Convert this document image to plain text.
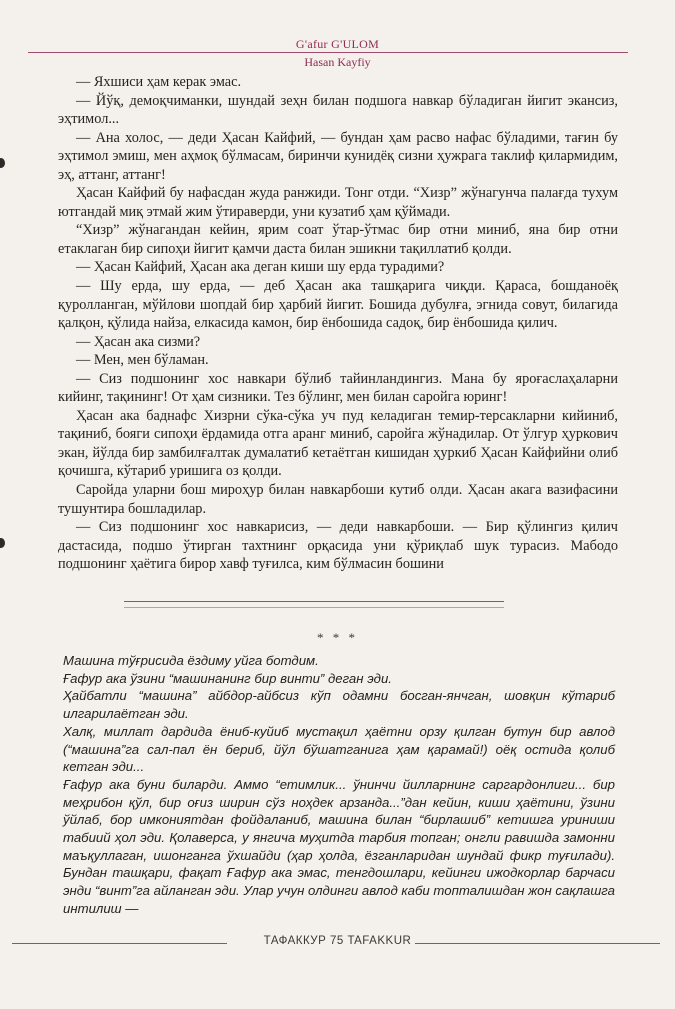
G'afur G'ULOM
Hasan Kayfiy

— Яхшиси ҳам керак эмас.

— Йўқ, демоқчиманки, шундай зеҳн билан подшога навкар бўладиган йигит экансиз, эҳтимол...

— Ана холос, — деди Ҳасан Кайфий, — бундан ҳам расво нафас бўладими, тағин бу эҳтимол эмиш, мен аҳмоқ бўлмасам, биринчи кунидёқ сизни ҳужрага таклиф қилармидим, эҳ, аттанг, аттанг!

Ҳасан Кайфий бу нафасдан жуда ранжиди. Тонг отди. “Хизр” жўнагунча палағда тухум ютгандай миқ этмай жим ўтираверди, уни кузатиб ҳам қўймади.

“Хизр” жўнагандан кейин, ярим соат ўтар-ўтмас бир отни миниб, яна бир отни етаклаган бир сипоҳи йигит қамчи даста билан эшикни тақиллатиб қолди.

— Ҳасан Кайфий, Ҳасан ака деган киши шу ерда турадими?

— Шу ерда, шу ерда, — деб Ҳасан ака ташқарига чиқди. Қараса, бошданоёқ қуролланган, мўйлови шопдай бир ҳарбий йигит. Бошида дубулға, эгнида совут, билагида қалқон, қўлида найза, елкасида камон, бир ёнбошида садоқ, бир ёнбошида қилич.

— Ҳасан ака сизми?

— Мен, мен бўламан.

— Сиз подшонинг хос навкари бўлиб тайинландингиз. Мана бу яроғаслаҳаларни кийинг, тақининг! От ҳам сизники. Тез бўлинг, мен билан саройга юринг!

Ҳасан ака баднафс Хизрни сўка-сўка уч пуд келадиган темир-терсакларни кийиниб, тақиниб, бояги сипоҳи ёрдамида отга аранг миниб, саройга жўнадилар. От ўлгур ҳуркович экан, йўлда бир замбилғалтак думалатиб кетаётган кишидан ҳуркиб Ҳасан Кайфийни олиб қочишга, кўтариб уришига оз қолди.

Саройда уларни бош мироҳур билан навкарбоши кутиб олди. Ҳасан акага вазифасини тушунтира бошладилар.

— Сиз подшонинг хос навкарисиз, — деди навкарбоши. — Бир қўлингиз қилич дастасида, подшо ўтирган тахтнинг орқасида уни қўриқлаб шук турасиз. Мабодо подшонинг ҳаётига бирор хавф туғилса, ким бўлмасин бошини

* * *

Машина тўғрисида ёздиму уйга ботдим.

Ғафур ака ўзини “машинанинг бир винти” деган эди.

Ҳайбатли “машина” айбдор-айбсиз кўп одамни босган-янчган, шовқин кўтариб илгарилаётган эди.

Халқ, миллат дардида ёниб-куйиб мустақил ҳаётни орзу қилган бутун бир авлод (“машина”га сал-пал ён бериб, йўл бўшатганига ҳам қарамай!) оёқ остида қолиб кетган эди...

Ғафур ака буни биларди. Аммо “етимлик... ўнинчи йилларнинг саргардонлиги... бир меҳрибон қўл, бир оғиз ширин сўз ноҳдек арзанда...”дан кейин, киши ҳаётини, ўзини ўйлаб, бор имкониятдан фойдаланиб, машина билан “бирлашиб” кетишга уриниши табиий ҳол эди. Қолаверса, у янгича муҳитда тарбия топган; онгли равишда замонни маъқуллаган, ишонганга ўхшайди (ҳар ҳолда, ёзганларидан шундай фикр туғилади). Бундан ташқари, фақат Ғафур ака эмас, тенгдошлари, кейинги ижодкорлар барчаси энди “винт”га айланган эди. Улар учун олдинги авлод каби топталишдан жон сақлашга интилиш —

ТАФАККУР 75 TAFAKKUR
